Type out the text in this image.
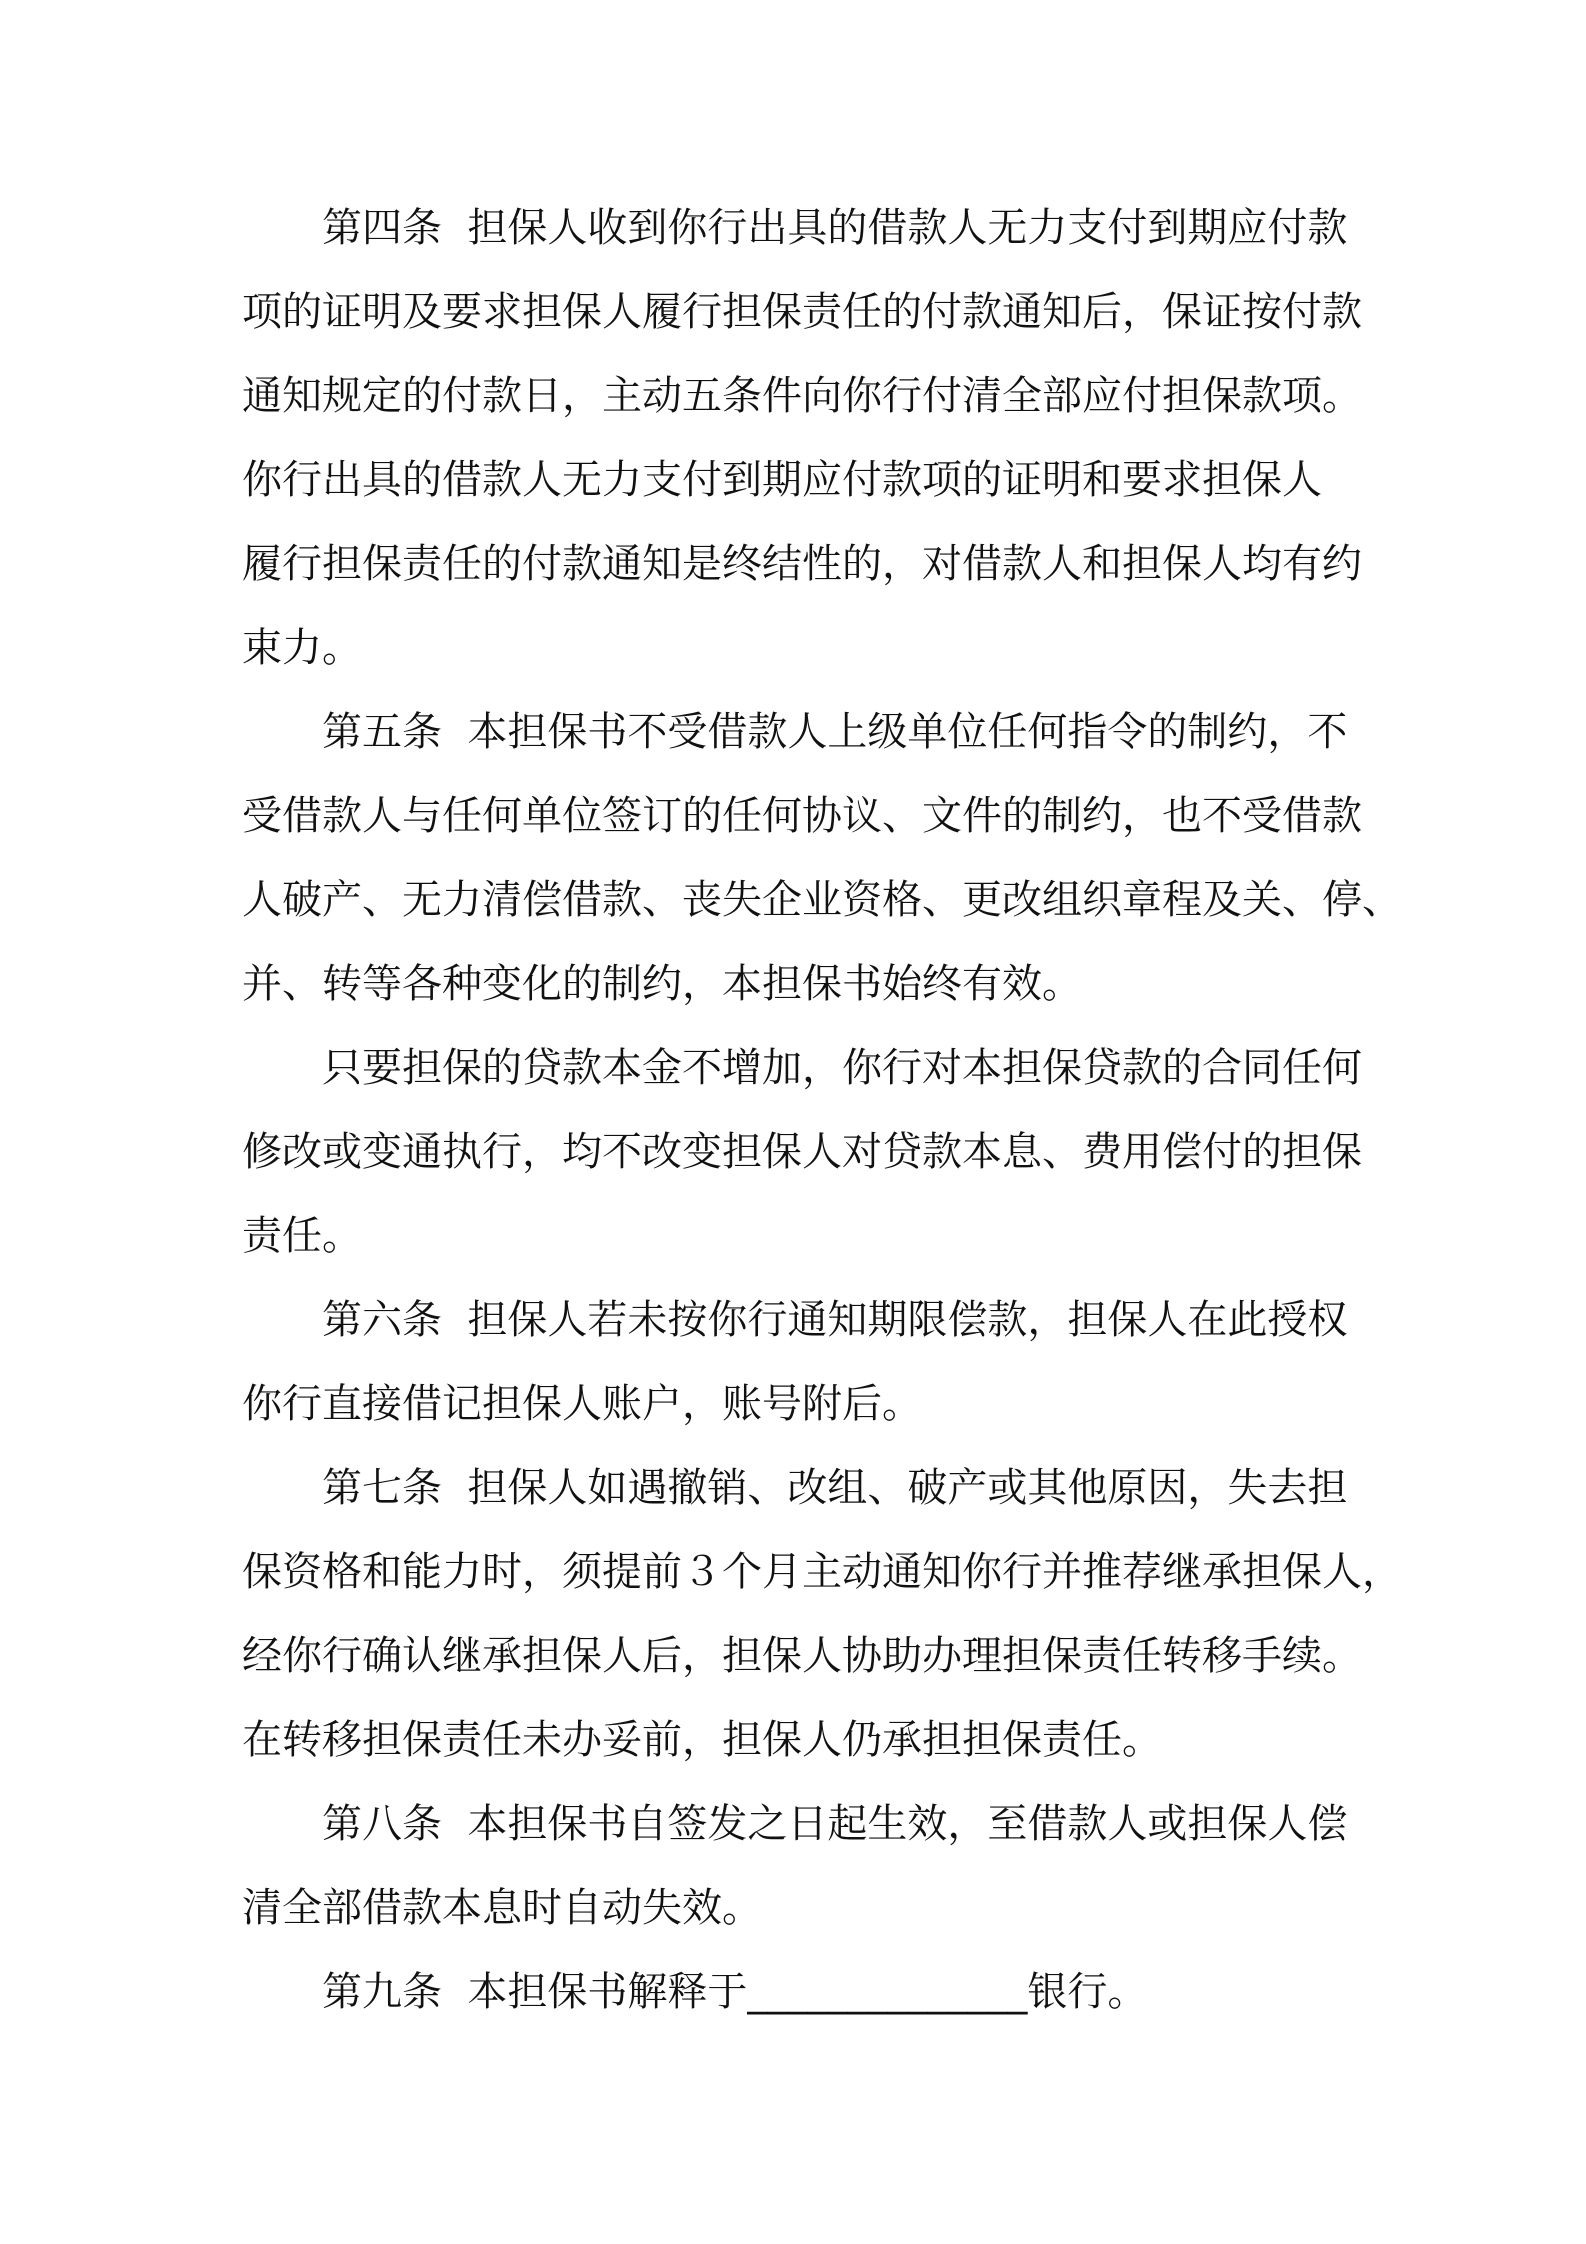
第四条  担保人收到你行出具的借款人无力支付到期应付款
项的证明及要求担保人履行担保责任的付款通知后，保证按付款
通知规定的付款日，主动五条件向你行付清全部应付担保款项。
你行出具的借款人无力支付到期应付款项的证明和要求担保人
履行担保责任的付款通知是终结性的，对借款人和担保人均有约
束力。
第五条  本担保书不受借款人上级单位任何指令的制约，不
受借款人与任何单位签订的任何协议、文件的制约，也不受借款
人破产、无力清偿借款、丧失企业资格、更改组织章程及关、停、
并、转等各种变化的制约，本担保书始终有效。
只要担保的贷款本金不增加，你行对本担保贷款的合同任何
修改或变通执行，均不改变担保人对贷款本息、费用偿付的担保
责任。
第六条  担保人若未按你行通知期限偿款，担保人在此授权
你行直接借记担保人账户，账号附后。
第七条  担保人如遇撤销、改组、破产或其他原因，失去担
保资格和能力时，须提前３个月主动通知你行并推荐继承担保人，
经你行确认继承担保人后，担保人协助办理担保责任转移手续。
在转移担保责任未办妥前，担保人仍承担担保责任。
第八条  本担保书自签发之日起生效，至借款人或担保人偿
清全部借款本息时自动失效。
第九条  本担保书解释于______________银行。
